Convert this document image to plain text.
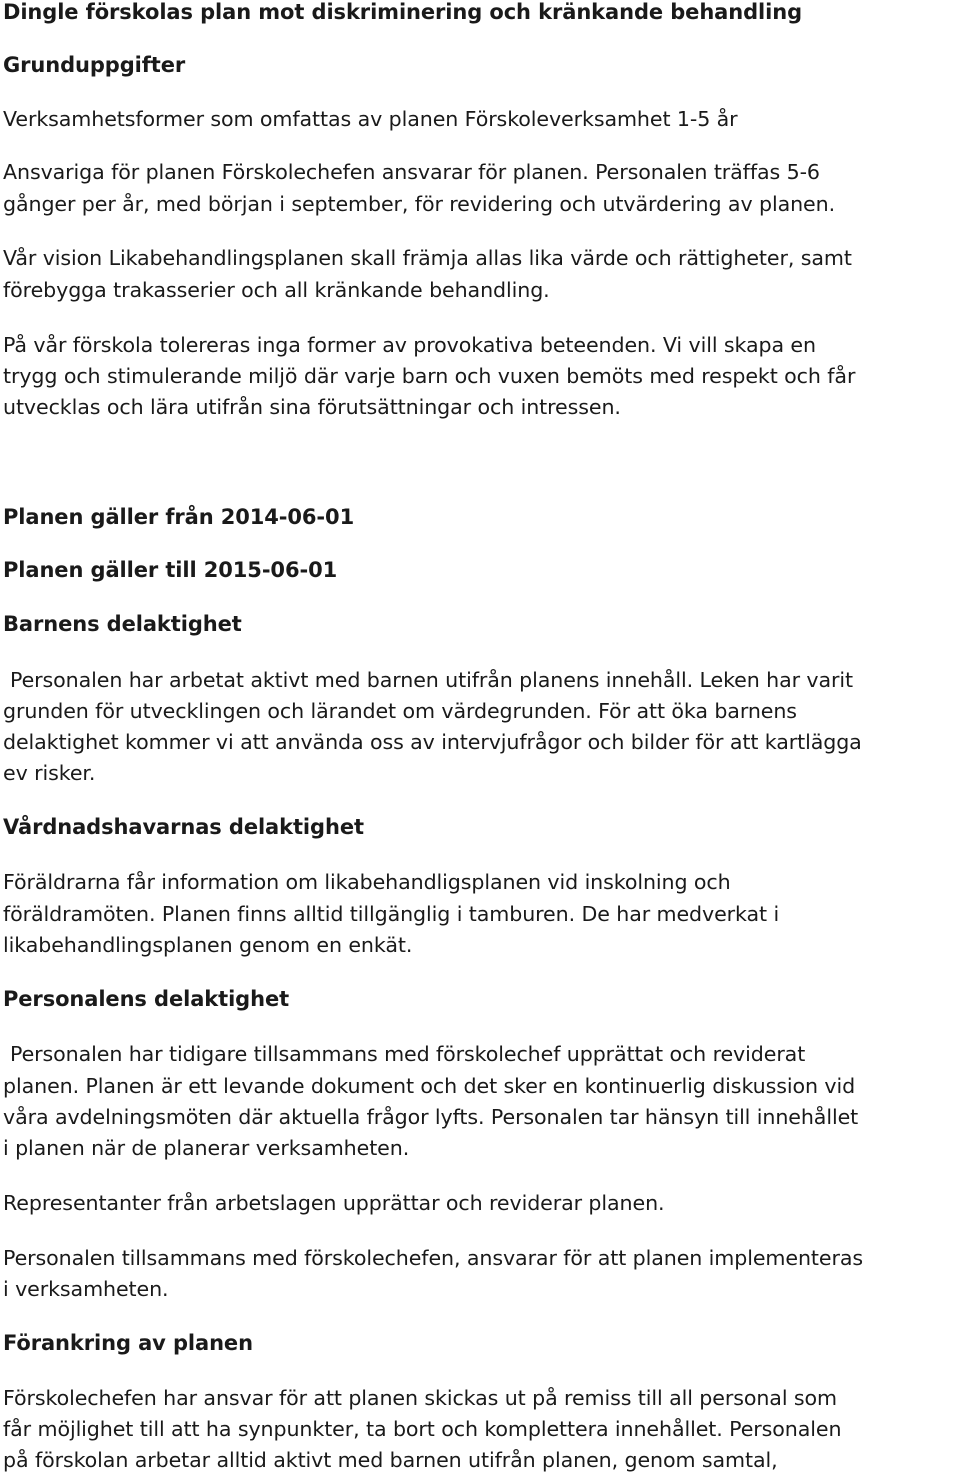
Dingle förskolas plan mot diskriminering och kränkande behandling
Grunduppgifter

Verksamhetsformer som omfattas av planen Förskoleverksamhet 1-5 år

Ansvariga för planen Förskolechefen ansvarar för planen. Personalen träffas 5-6

gånger per år, med början i september, för revidering och utvärdering av planen.

Vår vision Likabehandlingsplanen skall främja allas lika värde och rättigheter, samt

förebygga trakasserier och all kränkande behandling.

På vår förskola tolereras inga former av provokativa beteenden. Vi vill skapa en

trygg och stimulerande miljö där varje barn och vuxen bemöts med respekt och får

utvecklas och lära utifrån sina förutsättningar och intressen.

Planen gäller från 2014-06-01
Planen gäller till 2015-06-01
Barnens delaktighet

Personalen har arbetat aktivt med barnen utifrån planens innehåll. Leken har varit

grunden för utvecklingen och lärandet om värdegrunden. För att öka barnens

delaktighet kommer vi att använda oss av intervjufrågor och bilder för att kartlägga

ev risker.

Vårdnadshavarnas delaktighet

Föräldrarna får information om likabehandligsplanen vid inskolning och

föräldramöten. Planen finns alltid tillgänglig i tamburen. De har medverkat i

likabehandlingsplanen genom en enkät.

Personalens delaktighet

Personalen har tidigare tillsammans med förskolechef upprättat och reviderat

planen. Planen är ett levande dokument och det sker en kontinuerlig diskussion vid

våra avdelningsmöten där aktuella frågor lyfts. Personalen tar hänsyn till innehållet

i planen när de planerar verksamheten.

Representanter från arbetslagen upprättar och reviderar planen.

Personalen tillsammans med förskolechefen, ansvarar för att planen implementeras

i verksamheten.

Förankring av planen

Förskolechefen har ansvar för att planen skickas ut på remiss till all personal som

får möjlighet till att ha synpunkter, ta bort och komplettera innehållet. Personalen

på förskolan arbetar alltid aktivt med barnen utifrån planen, genom samtal,
